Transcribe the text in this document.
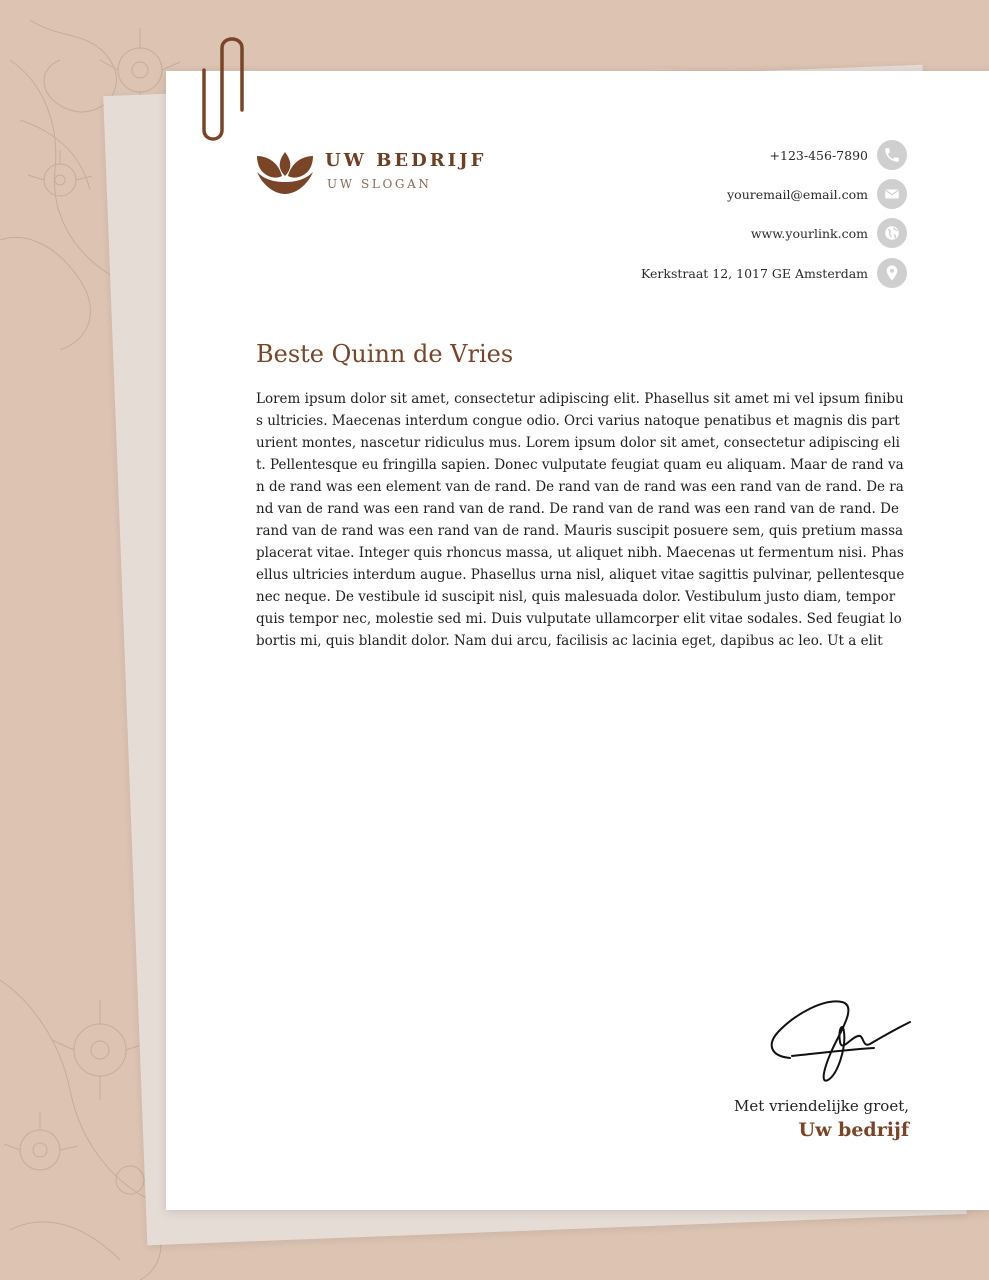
UW BEDRIJF
UW SLOGAN
+123-456-7890
youremail@email.com
www.yourlink.com
Kerkstraat 12, 1017 GE Amsterdam
Beste Quinn de Vries
Lorem ipsum dolor sit amet, consectetur adipiscing elit. Phasellus sit amet mi vel ipsum finibus ultricies. Maecenas interdum congue odio. Orci varius natoque penatibus et magnis dis parturient montes, nascetur ridiculus mus. Lorem ipsum dolor sit amet, consectetur adipiscing elit. Pellentesque eu fringilla sapien. Donec vulputate feugiat quam eu aliquam. Maar de rand van de rand was een element van de rand. De rand van de rand was een rand van de rand. De rand van de rand was een rand van de rand. De rand van de rand was een rand van de rand. De rand van de rand was een rand van de rand. Mauris suscipit posuere sem, quis pretium massa placerat vitae. Integer quis rhoncus massa, ut aliquet nibh. Maecenas ut fermentum nisi. Phasellus ultricies interdum augue. Phasellus urna nisl, aliquet vitae sagittis pulvinar, pellentesque nec neque. De vestibule id suscipit nisl, quis malesuada dolor. Vestibulum justo diam, tempor quis tempor nec, molestie sed mi. Duis vulputate ullamcorper elit vitae sodales. Sed feugiat lobortis mi, quis blandit dolor. Nam dui arcu, facilisis ac lacinia eget, dapibus ac leo. Ut a elit
Met vriendelijke groet,
Uw bedrijf
